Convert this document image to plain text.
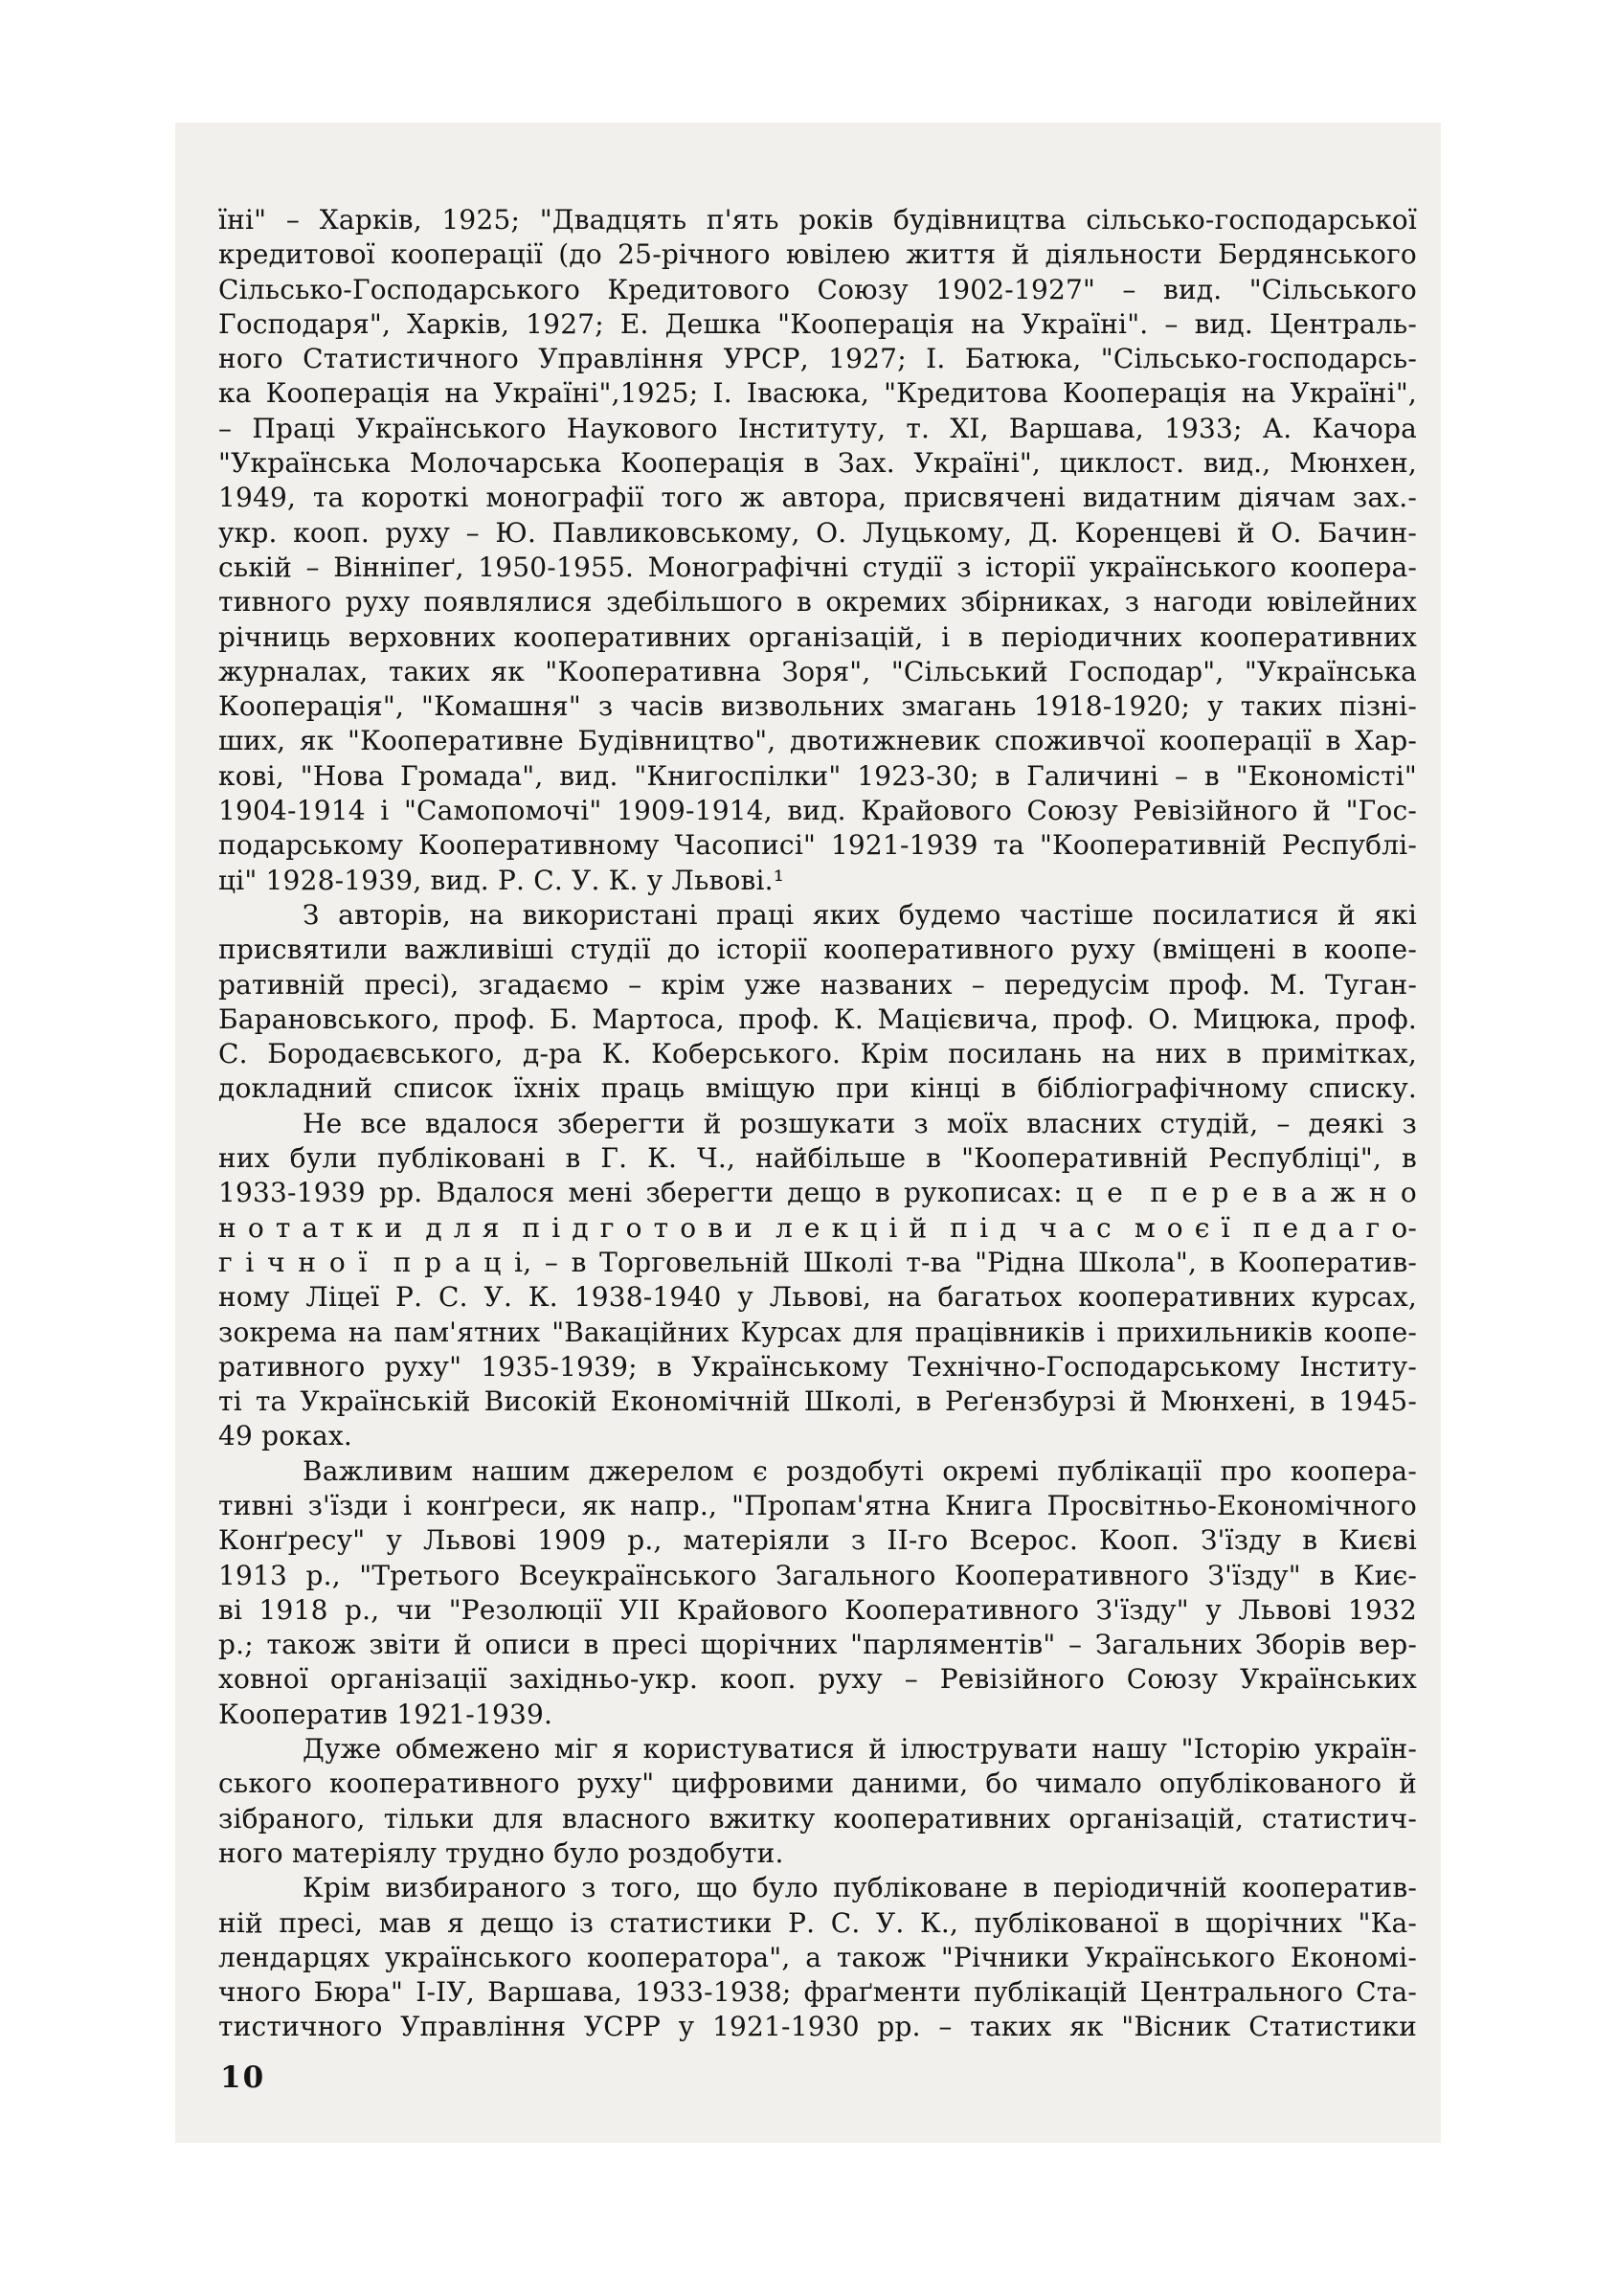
їні" – Харків, 1925; "Двадцять п'ять років будівництва сільсько-господарської
кредитової кооперації (до 25-річного ювілею життя й діяльности Бердянського
Сільсько-Господарського Кредитового Союзу 1902-1927" – вид. "Сільського
Господаря", Харків, 1927; Е. Дешка "Кооперація на Україні". – вид. Централь-
ного Статистичного Управління УРСР, 1927; І. Батюка, "Сільсько-господарсь-
ка Кооперація на Україні",1925; І. Івасюка, "Кредитова Кооперація на Україні",
– Праці Українського Наукового Інституту, т. ХІ, Варшава, 1933; А. Качора
"Українська Молочарська Кооперація в Зах. Україні", циклост. вид., Мюнхен,
1949, та короткі монографії того ж автора, присвячені видатним діячам зах.-
укр. кооп. руху – Ю. Павликовському, О. Луцькому, Д. Коренцеві й О. Бачин-
ській – Вінніпеґ, 1950-1955. Монографічні студії з історії українського коопера-
тивного руху появлялися здебільшого в окремих збірниках, з нагоди ювілейних
річниць верховних кооперативних організацій, і в періодичних кооперативних
журналах, таких як "Кооперативна Зоря", "Сільський Господар", "Українська
Кооперація", "Комашня" з часів визвольних змагань 1918-1920; у таких пізні-
ших, як "Кооперативне Будівництво", двотижневик споживчої кооперації в Хар-
кові, "Нова Громада", вид. "Книгоспілки" 1923-30; в Галичині – в "Економісті"
1904-1914 і "Самопомочі" 1909-1914, вид. Крайового Союзу Ревізійного й "Гос-
подарському Кооперативному Часописі" 1921-1939 та "Кооперативній Республі-
ці" 1928-1939, вид. Р. С. У. К. у Львові.¹
З авторів, на використані праці яких будемо частіше посилатися й які
присвятили важливіші студії до історії кооперативного руху (вміщені в коопе-
ративній пресі), згадаємо – крім уже названих – передусім проф. М. Туган-
Барановського, проф. Б. Мартоса, проф. К. Мацієвича, проф. О. Мицюка, проф.
С. Бородаєвського, д-ра К. Коберського. Крім посилань на них в примітках,
докладний список їхніх праць вміщую при кінці в бібліографічному списку.
Не все вдалося зберегти й розшукати з моїх власних студій, – деякі з
них були публіковані в Г. К. Ч., найбільше в "Кооперативній Республіці", в
1933-1939 рр. Вдалося мені зберегти дещо в рукописах: ц е  п е р е в а ж н о
н о т а т к и  д л я  п і д г о т о в и  л е к ц і й  п і д  ч а с  м о є ї  п е д а г о-
г і ч н о ї  п р а ц і, – в Торговельній Школі т-ва "Рідна Школа", в Кооператив-
ному Ліцеї Р. С. У. К. 1938-1940 у Львові, на багатьох кооперативних курсах,
зокрема на пам'ятних "Вакаційних Курсах для працівників і прихильників коопе-
ративного руху" 1935-1939; в Українському Технічно-Господарському Інститу-
ті та Українській Високій Економічній Школі, в Реґензбурзі й Мюнхені, в 1945-
49 роках.
Важливим нашим джерелом є роздобуті окремі публікації про коопера-
тивні з'їзди і конґреси, як напр., "Пропам'ятна Книга Просвітньо-Економічного
Конґресу" у Львові 1909 р., матеріяли з ІІ-го Всерос. Кооп. З'їзду в Києві
1913 р., "Третього Всеукраїнського Загального Кооперативного З'їзду" в Киє-
ві 1918 р., чи "Резолюції УІІ Крайового Кооперативного З'їзду" у Львові 1932
р.; також звіти й описи в пресі щорічних "парляментів" – Загальних Зборів вер-
ховної організації західньо-укр. кооп. руху – Ревізійного Союзу Українських
Кооператив 1921-1939.
Дуже обмежено міг я користуватися й ілюструвати нашу "Історію україн-
ського кооперативного руху" цифровими даними, бо чимало опублікованого й
зібраного, тільки для власного вжитку кооперативних організацій, статистич-
ного матеріялу трудно було роздобути.
Крім визбираного з того, що було публіковане в періодичній кооператив-
ній пресі, мав я дещо із статистики Р. С. У. К., публікованої в щорічних "Ка-
лендарцях українського кооператора", а також "Річники Українського Економі-
чного Бюра" І-ІУ, Варшава, 1933-1938; фраґменти публікацій Центрального Ста-
тистичного Управління УСРР у 1921-1930 рр. – таких як "Вісник Статистики
10
